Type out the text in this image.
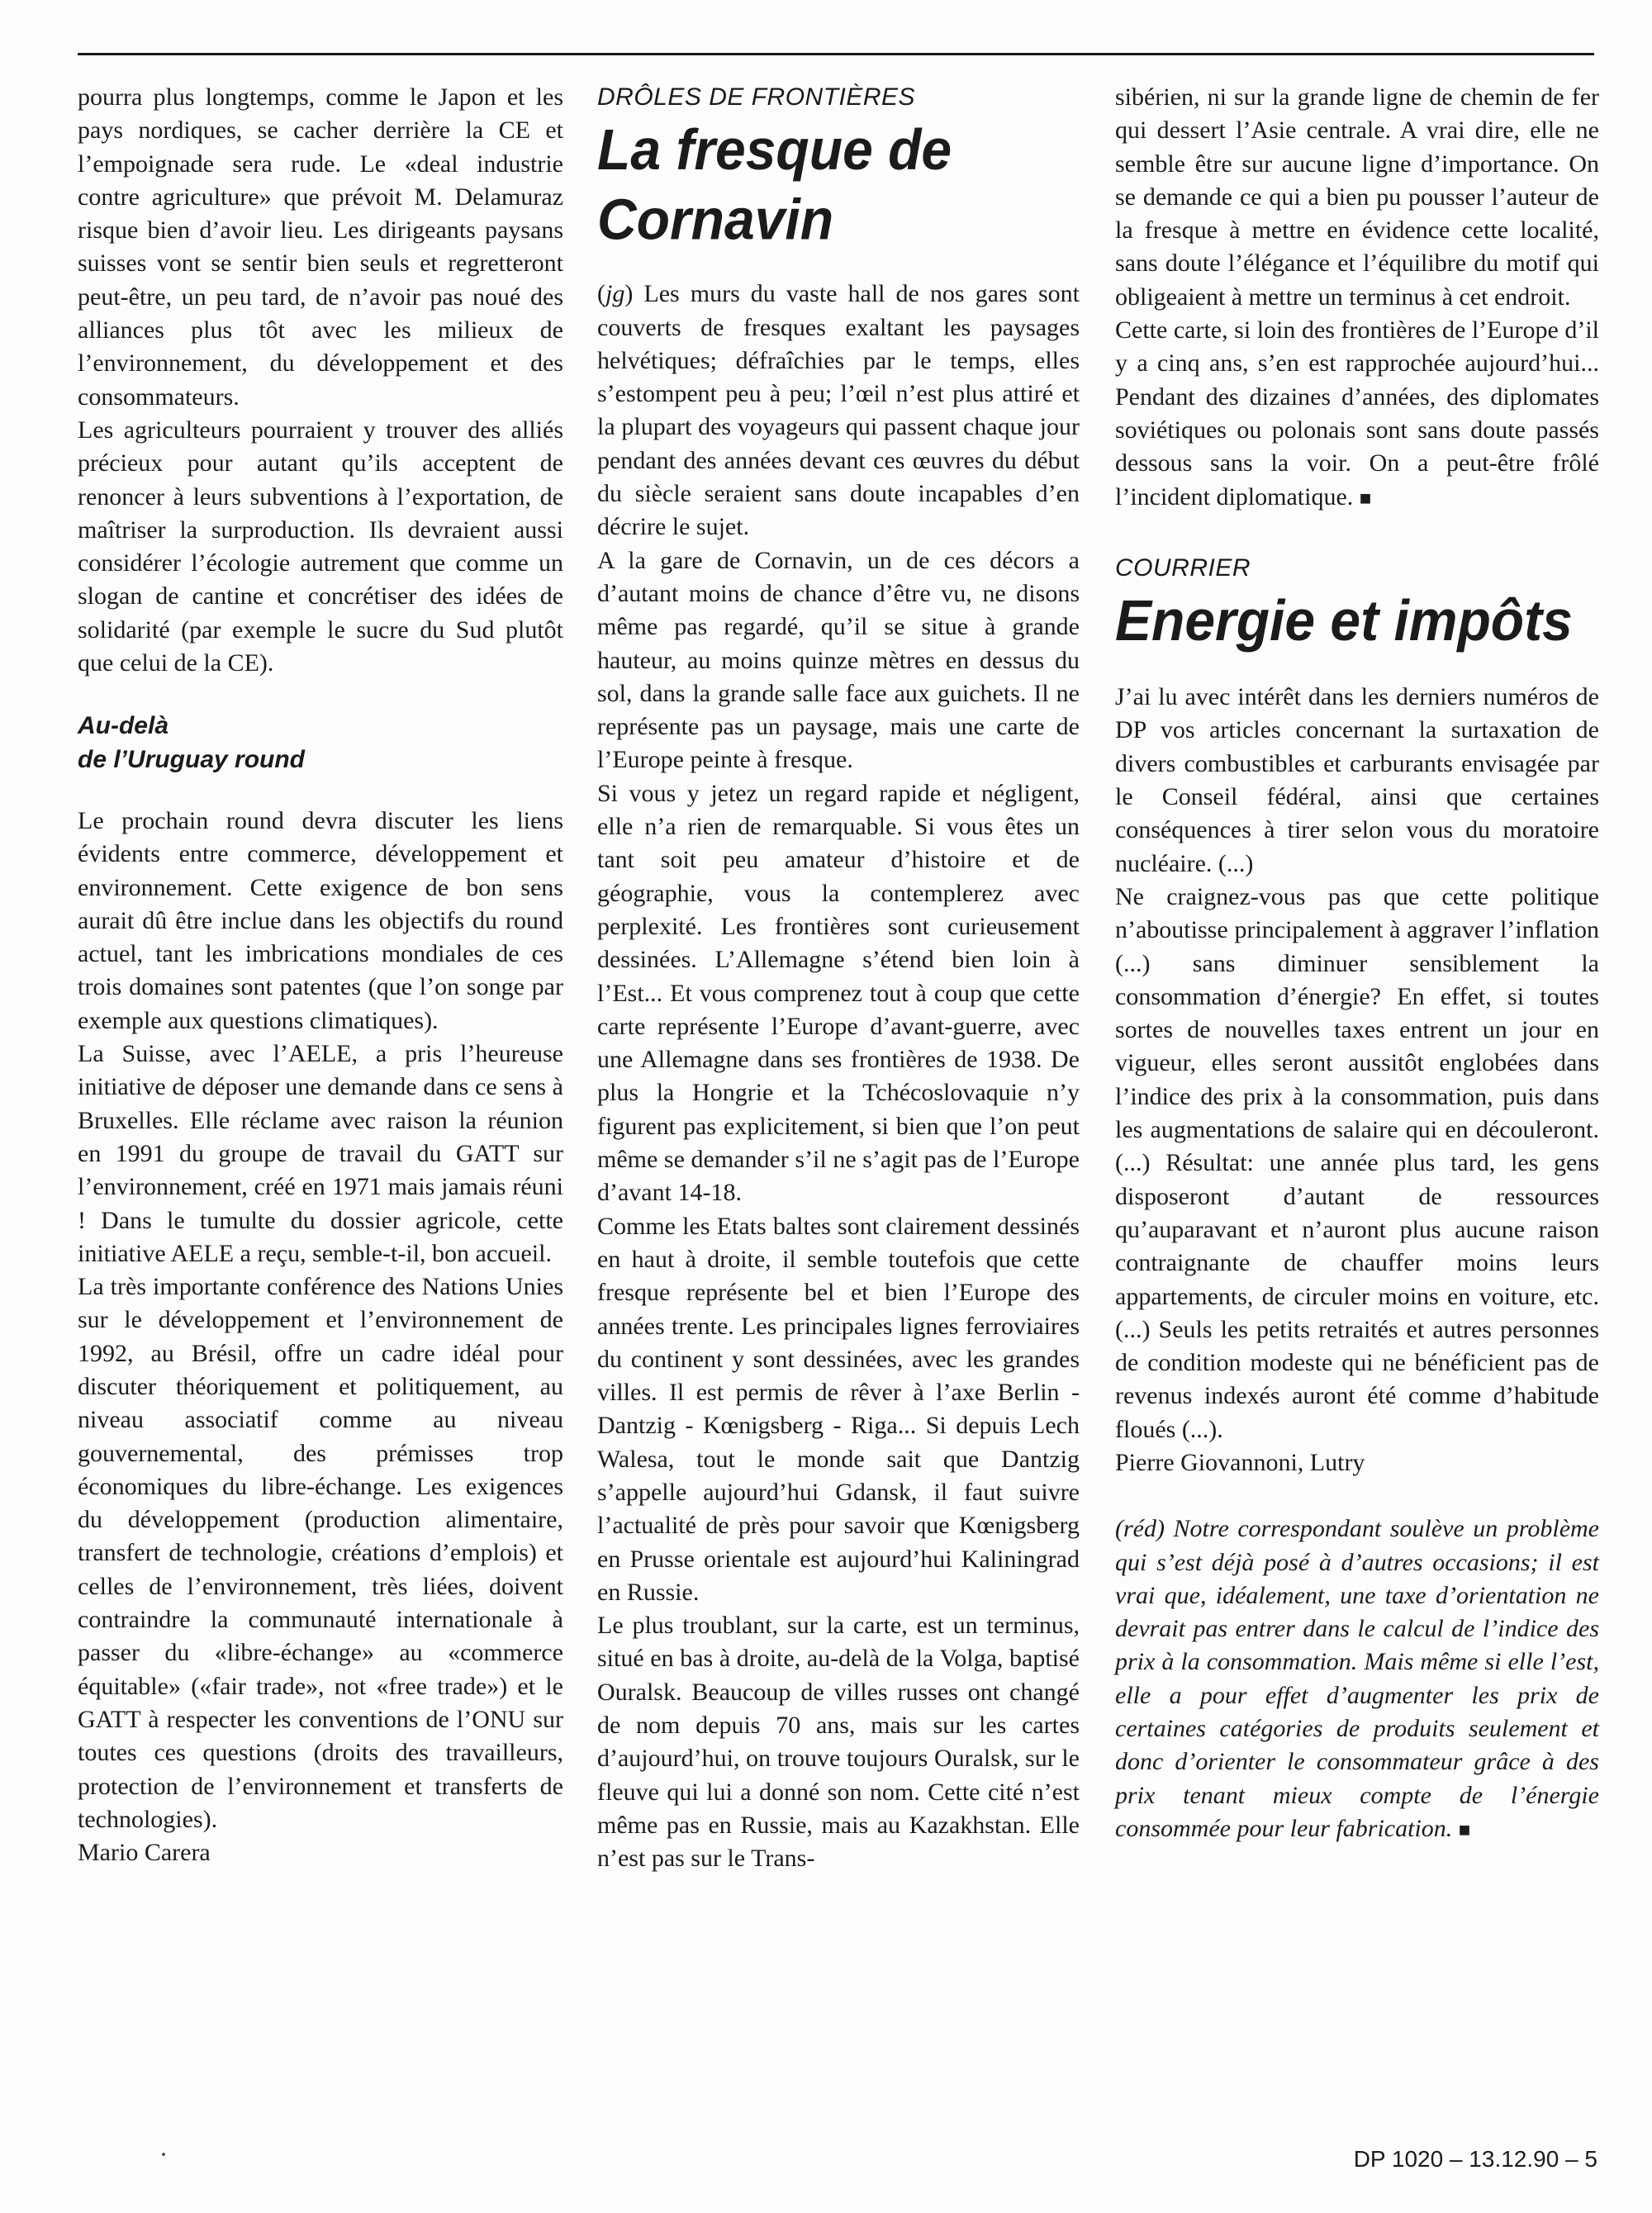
pourra plus longtemps, comme le Japon et les pays nordiques, se cacher derrière la CE et l’empoignade sera rude. Le «deal industrie contre agriculture» que prévoit M. Delamuraz risque bien d’avoir lieu. Les dirigeants paysans suisses vont se sentir bien seuls et regretteront peut-être, un peu tard, de n’avoir pas noué des alliances plus tôt avec les milieux de l’environnement, du développement et des consommateurs.

Les agriculteurs pourraient y trouver des alliés précieux pour autant qu’ils acceptent de renoncer à leurs subventions à l’exportation, de maîtriser la surproduction. Ils devraient aussi considérer l’écologie autrement que comme un slogan de cantine et concrétiser des idées de solidarité (par exemple le sucre du Sud plutôt que celui de la CE).

Au-delà
de l’Uruguay round

Le prochain round devra discuter les liens évidents entre commerce, développement et environnement. Cette exigence de bon sens aurait dû être inclue dans les objectifs du round actuel, tant les imbrications mondiales de ces trois domaines sont patentes (que l’on songe par exemple aux questions climatiques).

La Suisse, avec l’AELE, a pris l’heureuse initiative de déposer une demande dans ce sens à Bruxelles. Elle réclame avec raison la réunion en 1991 du groupe de travail du GATT sur l’environnement, créé en 1971 mais jamais réuni ! Dans le tumulte du dossier agricole, cette initiative AELE a reçu, semble-t-il, bon accueil.

La très importante conférence des Nations Unies sur le développement et l’environnement de 1992, au Brésil, offre un cadre idéal pour discuter théoriquement et politiquement, au niveau associatif comme au niveau gouvernemental, des prémisses trop économiques du libre-échange. Les exigences du développement (production alimentaire, transfert de technologie, créations d’emplois) et celles de l’environnement, très liées, doivent contraindre la communauté internationale à passer du «libre-échange» au «commerce équitable» («fair trade», not «free trade») et le GATT à respecter les conventions de l’ONU sur toutes ces questions (droits des travailleurs, protection de l’environnement et transferts de technologies).

Mario Carera

DRÔLES DE FRONTIÈRES

La fresque de
Cornavin

(jg) Les murs du vaste hall de nos gares sont couverts de fresques exaltant les paysages helvétiques; défraîchies par le temps, elles s’estompent peu à peu; l’œil n’est plus attiré et la plupart des voyageurs qui passent chaque jour pendant des années devant ces œuvres du début du siècle seraient sans doute incapables d’en décrire le sujet.

A la gare de Cornavin, un de ces décors a d’autant moins de chance d’être vu, ne disons même pas regardé, qu’il se situe à grande hauteur, au moins quinze mètres en dessus du sol, dans la grande salle face aux guichets. Il ne représente pas un paysage, mais une carte de l’Europe peinte à fresque.

Si vous y jetez un regard rapide et négligent, elle n’a rien de remarquable. Si vous êtes un tant soit peu amateur d’histoire et de géographie, vous la contemplerez avec perplexité. Les frontières sont curieusement dessinées. L’Allemagne s’étend bien loin à l’Est... Et vous comprenez tout à coup que cette carte représente l’Europe d’avant-guerre, avec une Allemagne dans ses frontières de 1938. De plus la Hongrie et la Tchécoslovaquie n’y figurent pas explicitement, si bien que l’on peut même se demander s’il ne s’agit pas de l’Europe d’avant 14-18.

Comme les Etats baltes sont clairement dessinés en haut à droite, il semble toutefois que cette fresque représente bel et bien l’Europe des années trente. Les principales lignes ferroviaires du continent y sont dessinées, avec les grandes villes. Il est permis de rêver à l’axe Berlin - Dantzig - Kœnigsberg - Riga... Si depuis Lech Walesa, tout le monde sait que Dantzig s’appelle aujourd’hui Gdansk, il faut suivre l’actualité de près pour savoir que Kœnigsberg en Prusse orientale est aujourd’hui Kaliningrad en Russie.

Le plus troublant, sur la carte, est un terminus, situé en bas à droite, au-delà de la Volga, baptisé Ouralsk. Beaucoup de villes russes ont changé de nom depuis 70 ans, mais sur les cartes d’aujourd’hui, on trouve toujours Ouralsk, sur le fleuve qui lui a donné son nom. Cette cité n’est même pas en Russie, mais au Kazakhstan. Elle n’est pas sur le Trans-

sibérien, ni sur la grande ligne de chemin de fer qui dessert l’Asie centrale. A vrai dire, elle ne semble être sur aucune ligne d’importance. On se demande ce qui a bien pu pousser l’auteur de la fresque à mettre en évidence cette localité, sans doute l’élégance et l’équilibre du motif qui obligeaient à mettre un terminus à cet endroit.

Cette carte, si loin des frontières de l’Europe d’il y a cinq ans, s’en est rapprochée aujourd’hui... Pendant des dizaines d’années, des diplomates soviétiques ou polonais sont sans doute passés dessous sans la voir. On a peut-être frôlé l’incident diplomatique. ■

COURRIER

Energie et impôts

J’ai lu avec intérêt dans les derniers numéros de DP vos articles concernant la surtaxation de divers combustibles et carburants envisagée par le Conseil fédéral, ainsi que certaines conséquences à tirer selon vous du moratoire nucléaire. (...)

Ne craignez-vous pas que cette politique n’aboutisse principalement à aggraver l’inflation (...) sans diminuer sensiblement la consommation d’énergie? En effet, si toutes sortes de nouvelles taxes entrent un jour en vigueur, elles seront aussitôt englobées dans l’indice des prix à la consommation, puis dans les augmentations de salaire qui en découleront. (...) Résultat: une année plus tard, les gens disposeront d’autant de ressources qu’auparavant et n’auront plus aucune raison contraignante de chauffer moins leurs appartements, de circuler moins en voiture, etc. (...) Seuls les petits retraités et autres personnes de condition modeste qui ne bénéficient pas de revenus indexés auront été comme d’habitude floués (...).

Pierre Giovannoni, Lutry

(réd) Notre correspondant soulève un problème qui s’est déjà posé à d’autres occasions; il est vrai que, idéalement, une taxe d’orientation ne devrait pas entrer dans le calcul de l’indice des prix à la consommation. Mais même si elle l’est, elle a pour effet d’augmenter les prix de certaines catégories de produits seulement et donc d’orienter le consommateur grâce à des prix tenant mieux compte de l’énergie consommée pour leur fabrication. ■

DP 1020 – 13.12.90 – 5
